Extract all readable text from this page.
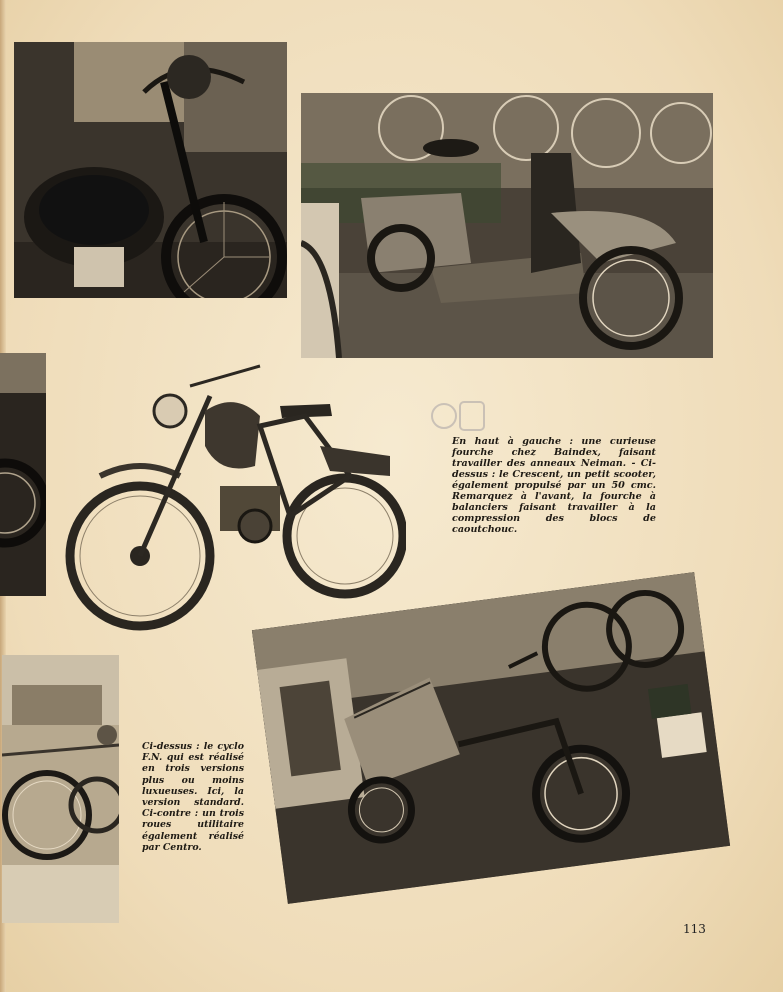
En haut à gauche : une curieuse fourche chez Baindex, faisant travailler des anneaux Neiman. - Ci-dessus : le Crescent, un petit scooter, également propulsé par un 50 cmc. Remarquez à l'avant, la fourche à balanciers faisant travailler à la compression des blocs de caoutchouc.

Ci-dessus : le cyclo F.N. qui est réalisé en trois versions plus ou moins luxueuses. Ici, la version standard. Ci-contre : un trois roues utilitaire également réalisé par Centro.

113
